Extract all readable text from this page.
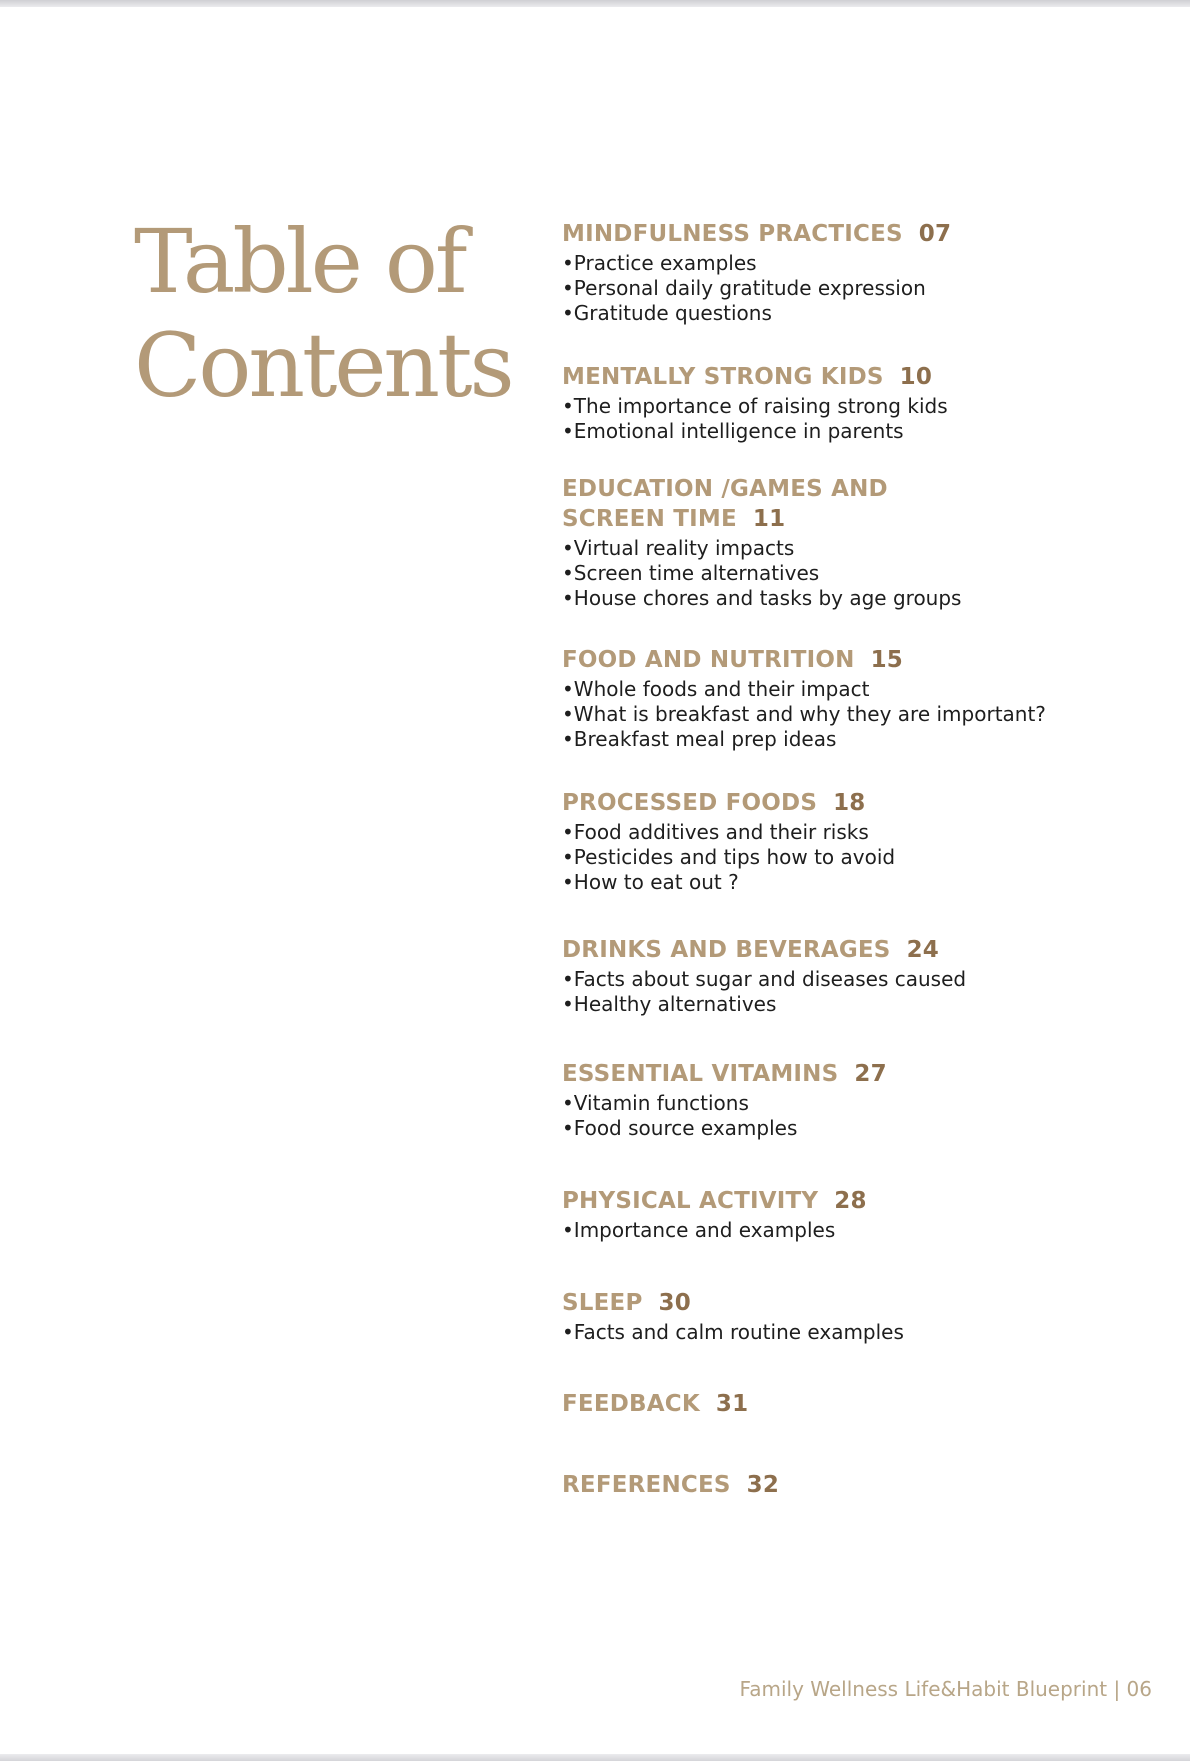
Table of
Contents
MINDFULNESS PRACTICES 07
• Practice examples
• Personal daily gratitude expression
• Gratitude questions
MENTALLY STRONG KIDS 10
• The importance of raising strong kids
• Emotional intelligence in parents
EDUCATION /GAMES AND SCREEN TIME 11
• Virtual reality impacts
• Screen time alternatives
• House chores and tasks by age groups
FOOD AND NUTRITION 15
• Whole foods and their impact
• What is breakfast and why they are important?
• Breakfast meal prep ideas
PROCESSED FOODS 18
• Food additives and their risks
• Pesticides and tips how to avoid
• How to eat out ?
DRINKS AND BEVERAGES 24
• Facts about sugar and diseases caused
• Healthy alternatives
ESSENTIAL VITAMINS 27
• Vitamin functions
• Food source examples
PHYSICAL ACTIVITY 28
• Importance and examples
SLEEP 30
• Facts and calm routine examples
FEEDBACK 31
REFERENCES 32
Family Wellness Life&Habit Blueprint | 06
